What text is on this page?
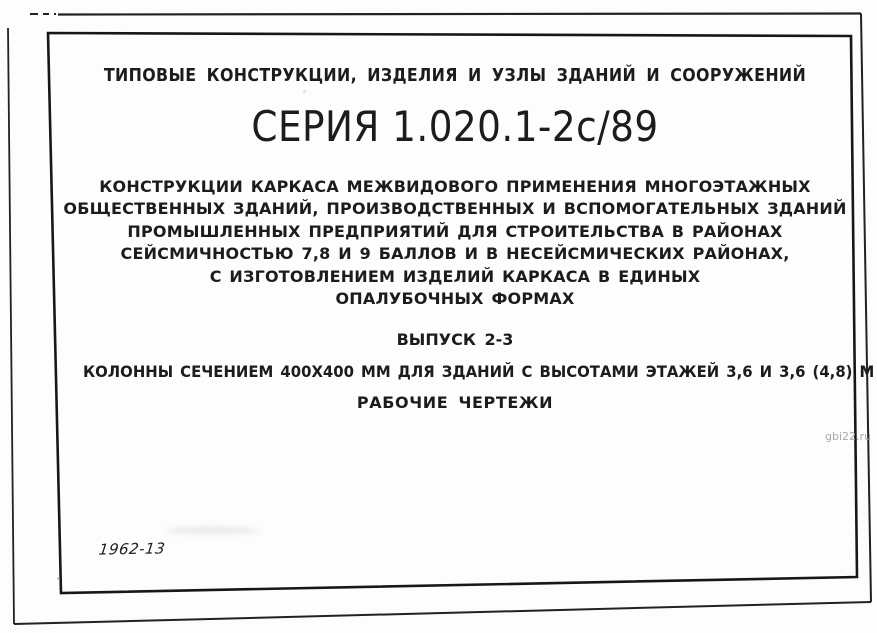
ТИПОВЫЕ КОНСТРУКЦИИ, ИЗДЕЛИЯ И УЗЛЫ ЗДАНИЙ И СООРУЖЕНИЙ
СЕРИЯ 1.020.1-2с/89
КОНСТРУКЦИИ КАРКАСА МЕЖВИДОВОГО ПРИМЕНЕНИЯ МНОГОЭТАЖНЫХ
ОБЩЕСТВЕННЫХ ЗДАНИЙ, ПРОИЗВОДСТВЕННЫХ И ВСПОМОГАТЕЛЬНЫХ ЗДАНИЙ
ПРОМЫШЛЕННЫХ ПРЕДПРИЯТИЙ ДЛЯ СТРОИТЕЛЬСТВА В РАЙОНАХ
СЕЙСМИЧНОСТЬЮ 7,8 И 9 БАЛЛОВ И В НЕСЕЙСМИЧЕСКИХ РАЙОНАХ,
С ИЗГОТОВЛЕНИЕМ ИЗДЕЛИЙ КАРКАСА В ЕДИНЫХ
ОПАЛУБОЧНЫХ ФОРМАХ
ВЫПУСК 2-3
КОЛОННЫ СЕЧЕНИЕМ 400Х400 ММ ДЛЯ ЗДАНИЙ С ВЫСОТАМИ ЭТАЖЕЙ 3,6 И 3,6 (4,8) М
РАБОЧИЕ ЧЕРТЕЖИ
1962-13
gbi22.ru
